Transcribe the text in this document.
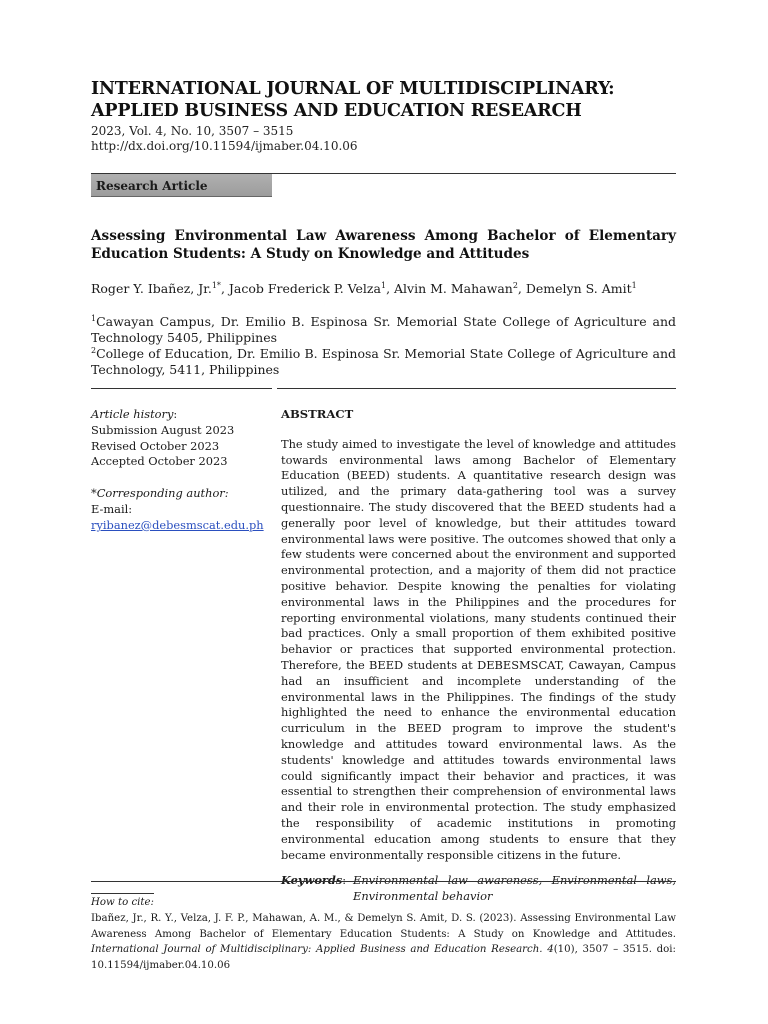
INTERNATIONAL JOURNAL OF MULTIDISCIPLINARY: APPLIED BUSINESS AND EDUCATION RESEARCH
2023, Vol. 4, No. 10, 3507 – 3515
http://dx.doi.org/10.11594/ijmaber.04.10.06
Research Article
Assessing Environmental Law Awareness Among Bachelor of Elementary Education Students: A Study on Knowledge and Attitudes
Roger Y. Ibañez, Jr.$^{1*}$, Jacob Frederick P. Velza$^1$, Alvin M. Mahawan$^2$, Demelyn S. Amit$^1$
$^1$Cawayan Campus, Dr. Emilio B. Espinosa Sr. Memorial State College of Agriculture and Technology 5405, Philippines
$^2$College of Education, Dr. Emilio B. Espinosa Sr. Memorial State College of Agriculture and Technology, 5411, Philippines
Article history:
Submission August 2023
Revised October 2023
Accepted October 2023
*Corresponding author:
E-mail:
ryibanez@debesmscat.edu.ph
ABSTRACT
The study aimed to investigate the level of knowledge and attitudes towards environmental laws among Bachelor of Elementary Education (BEED) students. A quantitative research design was utilized, and the primary data-gathering tool was a survey questionnaire. The study discovered that the BEED students had a generally poor level of knowledge, but their attitudes toward environmental laws were positive. The outcomes showed that only a few students were concerned about the environment and supported environmental protection, and a majority of them did not practice positive behavior. Despite knowing the penalties for violating environmental laws in the Philippines and the procedures for reporting environmental violations, many students continued their bad practices. Only a small proportion of them exhibited positive behavior or practices that supported environmental protection. Therefore, the BEED students at DEBESMSCAT, Cawayan, Campus had an insufficient and incomplete understanding of the environmental laws in the Philippines. The findings of the study highlighted the need to enhance the environmental education curriculum in the BEED program to improve the student's knowledge and attitudes toward environmental laws. As the students' knowledge and attitudes towards environmental laws could significantly impact their behavior and practices, it was essential to strengthen their comprehension of environmental laws and their role in environmental protection. The study emphasized the responsibility of academic institutions in promoting environmental education among students to ensure that they became environmentally responsible citizens in the future.
Keywords: Environmental law awareness, Environmental laws, Environmental behavior
How to cite:
Ibañez, Jr., R. Y., Velza, J. F. P., Mahawan, A. M., & Demelyn S. Amit, D. S. (2023). Assessing Environmental Law Awareness Among Bachelor of Elementary Education Students: A Study on Knowledge and Attitudes. International Journal of Multidisciplinary: Applied Business and Education Research. 4(10), 3507 – 3515. doi: 10.11594/ijmaber.04.10.06
